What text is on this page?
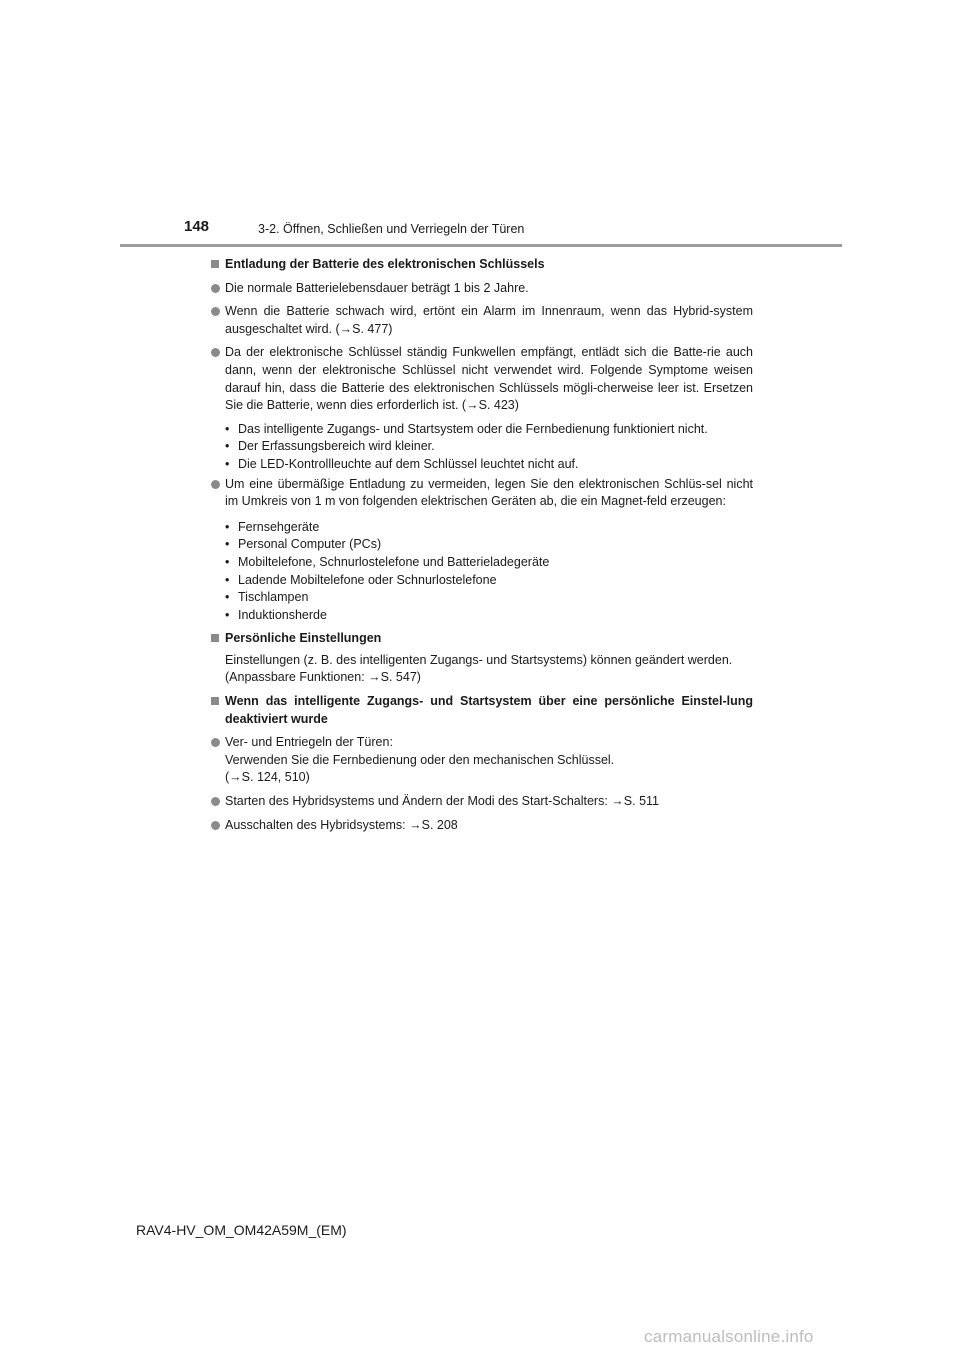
148	3-2. Öffnen, Schließen und Verriegeln der Türen
Entladung der Batterie des elektronischen Schlüssels
Die normale Batterielebensdauer beträgt 1 bis 2 Jahre.
Wenn die Batterie schwach wird, ertönt ein Alarm im Innenraum, wenn das Hybrid-system ausgeschaltet wird. (→S. 477)
Da der elektronische Schlüssel ständig Funkwellen empfängt, entlädt sich die Batte-rie auch dann, wenn der elektronische Schlüssel nicht verwendet wird. Folgende Symptome weisen darauf hin, dass die Batterie des elektronischen Schlüssels mögli-cherweise leer ist. Ersetzen Sie die Batterie, wenn dies erforderlich ist. (→S. 423)
• Das intelligente Zugangs- und Startsystem oder die Fernbedienung funktioniert nicht.
• Der Erfassungsbereich wird kleiner.
• Die LED-Kontrollleuchte auf dem Schlüssel leuchtet nicht auf.
Um eine übermäßige Entladung zu vermeiden, legen Sie den elektronischen Schlüs-sel nicht im Umkreis von 1 m von folgenden elektrischen Geräten ab, die ein Magnet-feld erzeugen:
• Fernsehgeräte
• Personal Computer (PCs)
• Mobiltelefone, Schnurlostelefone und Batterieladegeräte
• Ladende Mobiltelefone oder Schnurlostelefone
• Tischlampen
• Induktionsherde
Persönliche Einstellungen
Einstellungen (z. B. des intelligenten Zugangs- und Startsystems) können geändert werden.
(Anpassbare Funktionen: →S. 547)
Wenn das intelligente Zugangs- und Startsystem über eine persönliche Einstel-lung deaktiviert wurde
Ver- und Entriegeln der Türen:
Verwenden Sie die Fernbedienung oder den mechanischen Schlüssel.
(→S. 124, 510)
Starten des Hybridsystems und Ändern der Modi des Start-Schalters: →S. 511
Ausschalten des Hybridsystems: →S. 208
RAV4-HV_OM_OM42A59M_(EM)
carmanualsonline.info
